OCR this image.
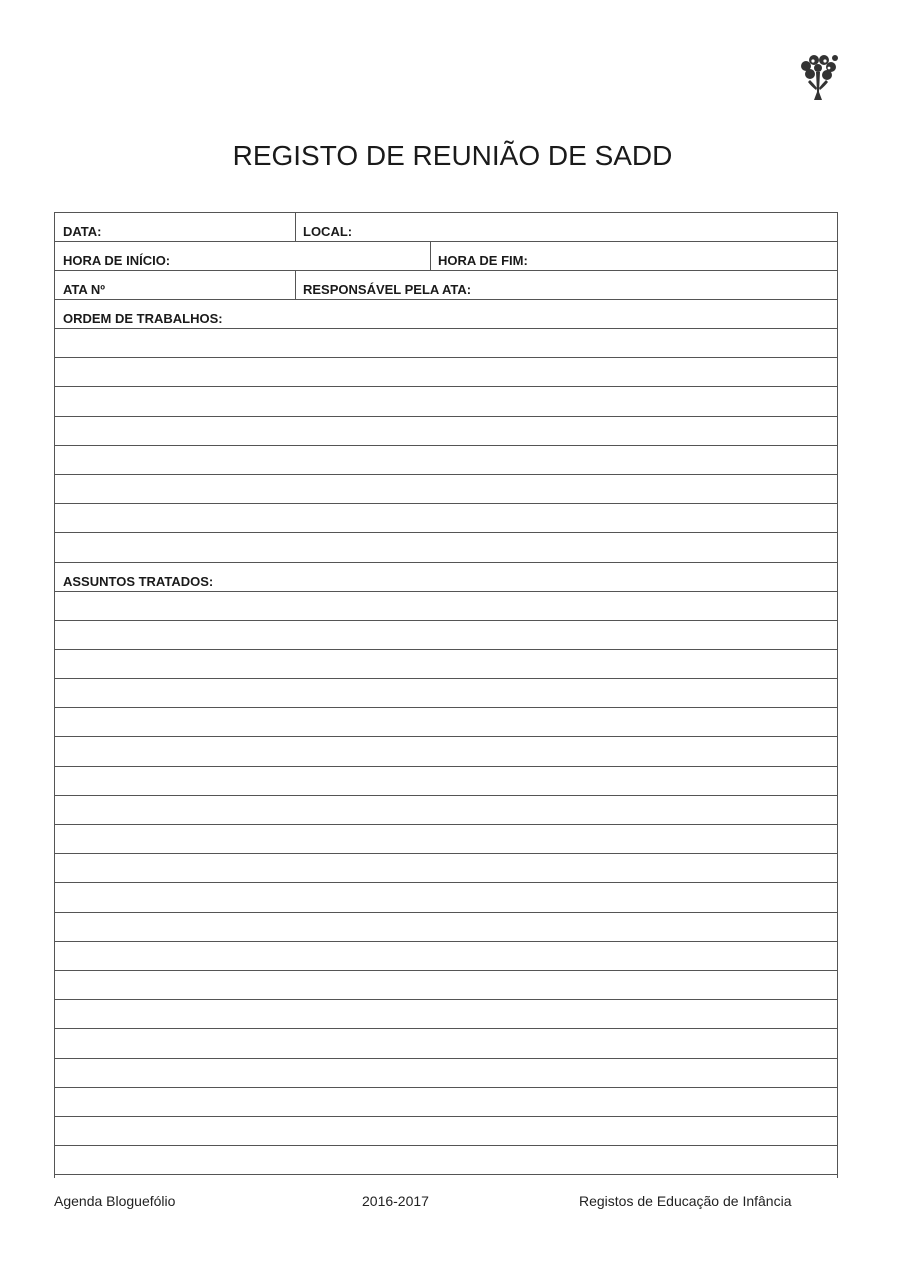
REGISTO DE REUNIÃO DE SADD
DATA:	LOCAL:
HORA DE INÍCIO:	HORA DE FIM:
ATA Nº	RESPONSÁVEL PELA ATA:
ORDEM DE TRABALHOS:
ASSUNTOS TRATADOS:
Agenda Bloguefólio	2016-2017	Registos de Educação de Infância
